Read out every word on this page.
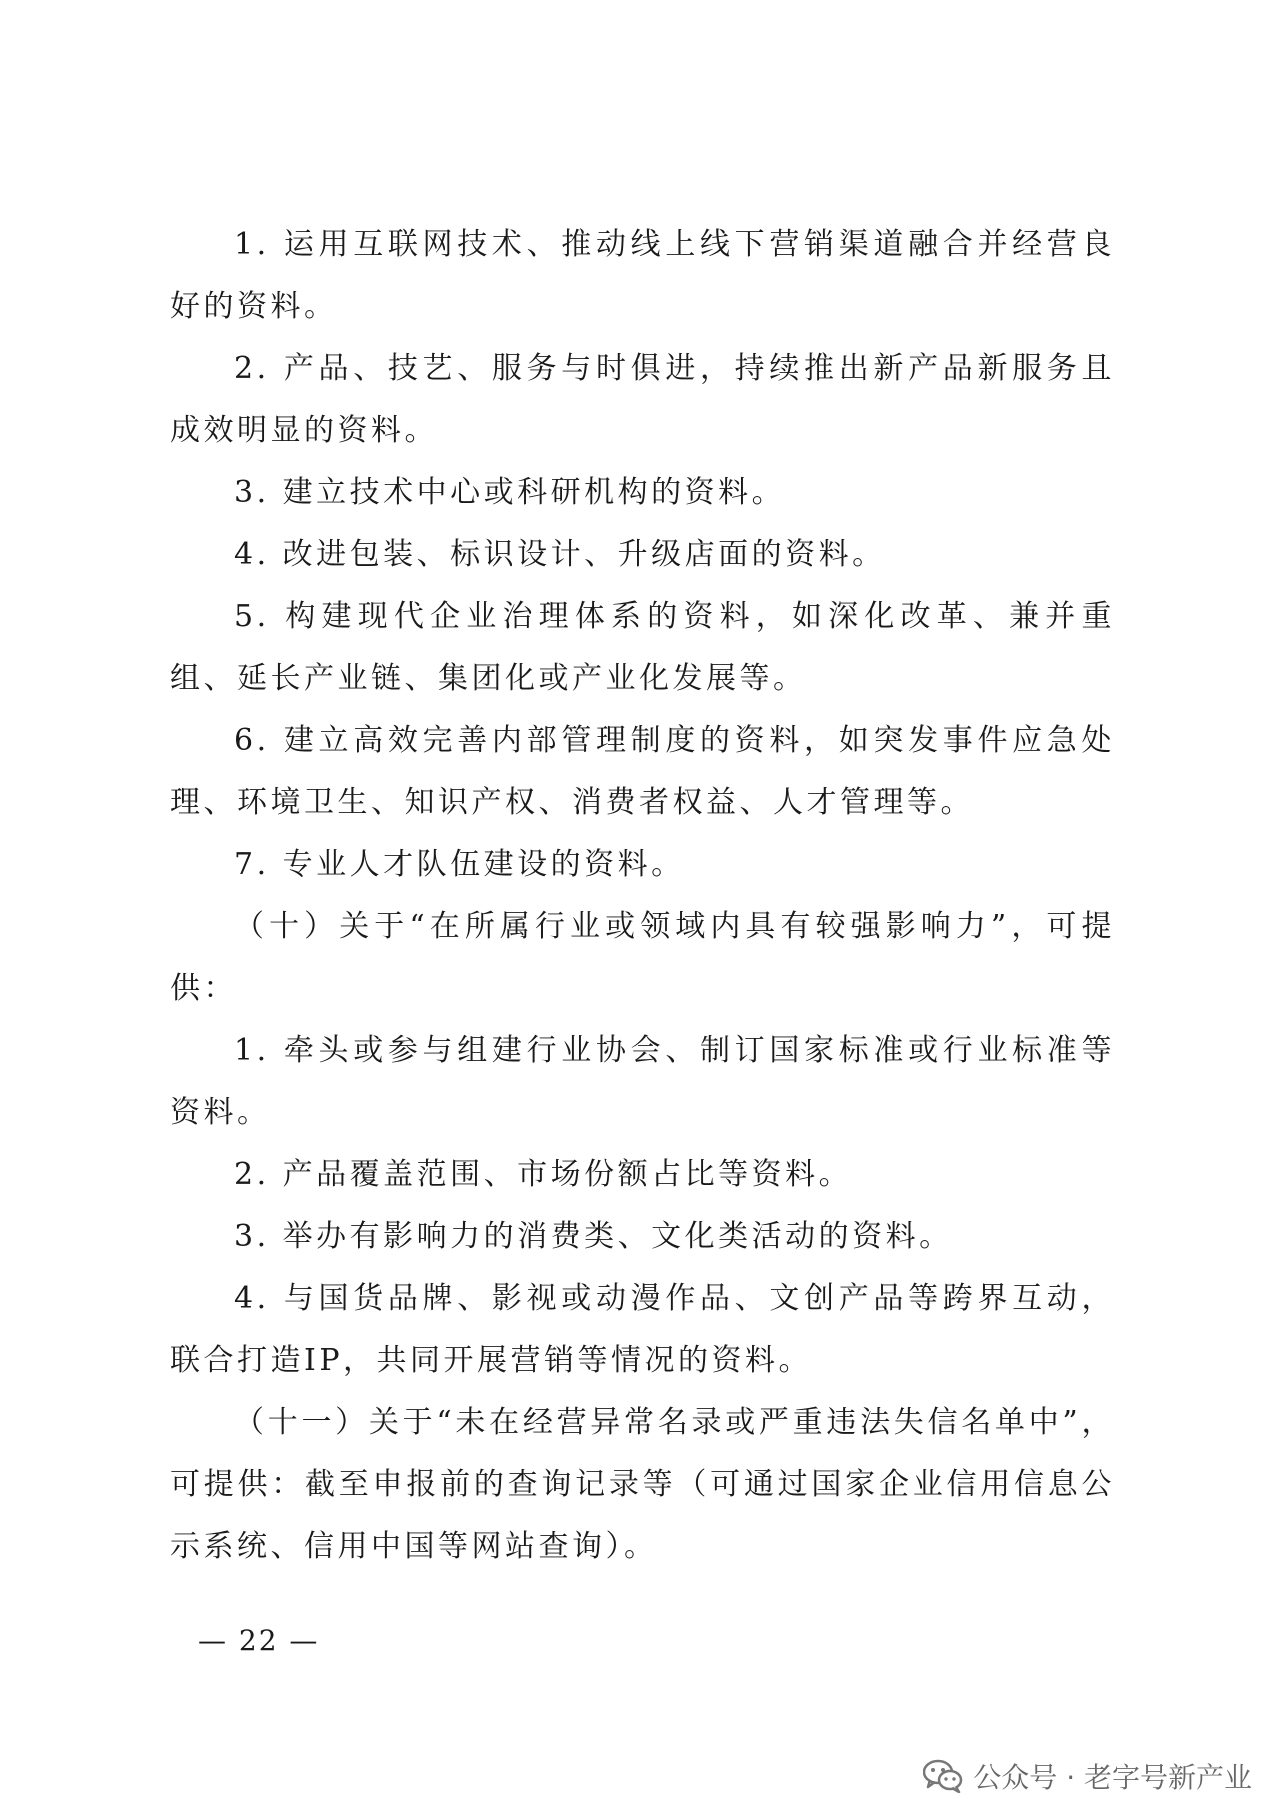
1. 运用互联网技术、推动线上线下营销渠道融合并经营良好的资料。

2. 产品、技艺、服务与时俱进，持续推出新产品新服务且成效明显的资料。

3. 建立技术中心或科研机构的资料。

4. 改进包装、标识设计、升级店面的资料。

5. 构建现代企业治理体系的资料，如深化改革、兼并重组、延长产业链、集团化或产业化发展等。

6. 建立高效完善内部管理制度的资料，如突发事件应急处理、环境卫生、知识产权、消费者权益、人才管理等。

7. 专业人才队伍建设的资料。

（十）关于“在所属行业或领域内具有较强影响力”，可提供：

1. 牵头或参与组建行业协会、制订国家标准或行业标准等资料。

2. 产品覆盖范围、市场份额占比等资料。

3. 举办有影响力的消费类、文化类活动的资料。

4. 与国货品牌、影视或动漫作品、文创产品等跨界互动，联合打造IP，共同开展营销等情况的资料。

（十一）关于“未在经营异常名录或严重违法失信名单中”，可提供：截至申报前的查询记录等（可通过国家企业信用信息公示系统、信用中国等网站查询）。

— 22 —
公众号 · 老字号新产业
